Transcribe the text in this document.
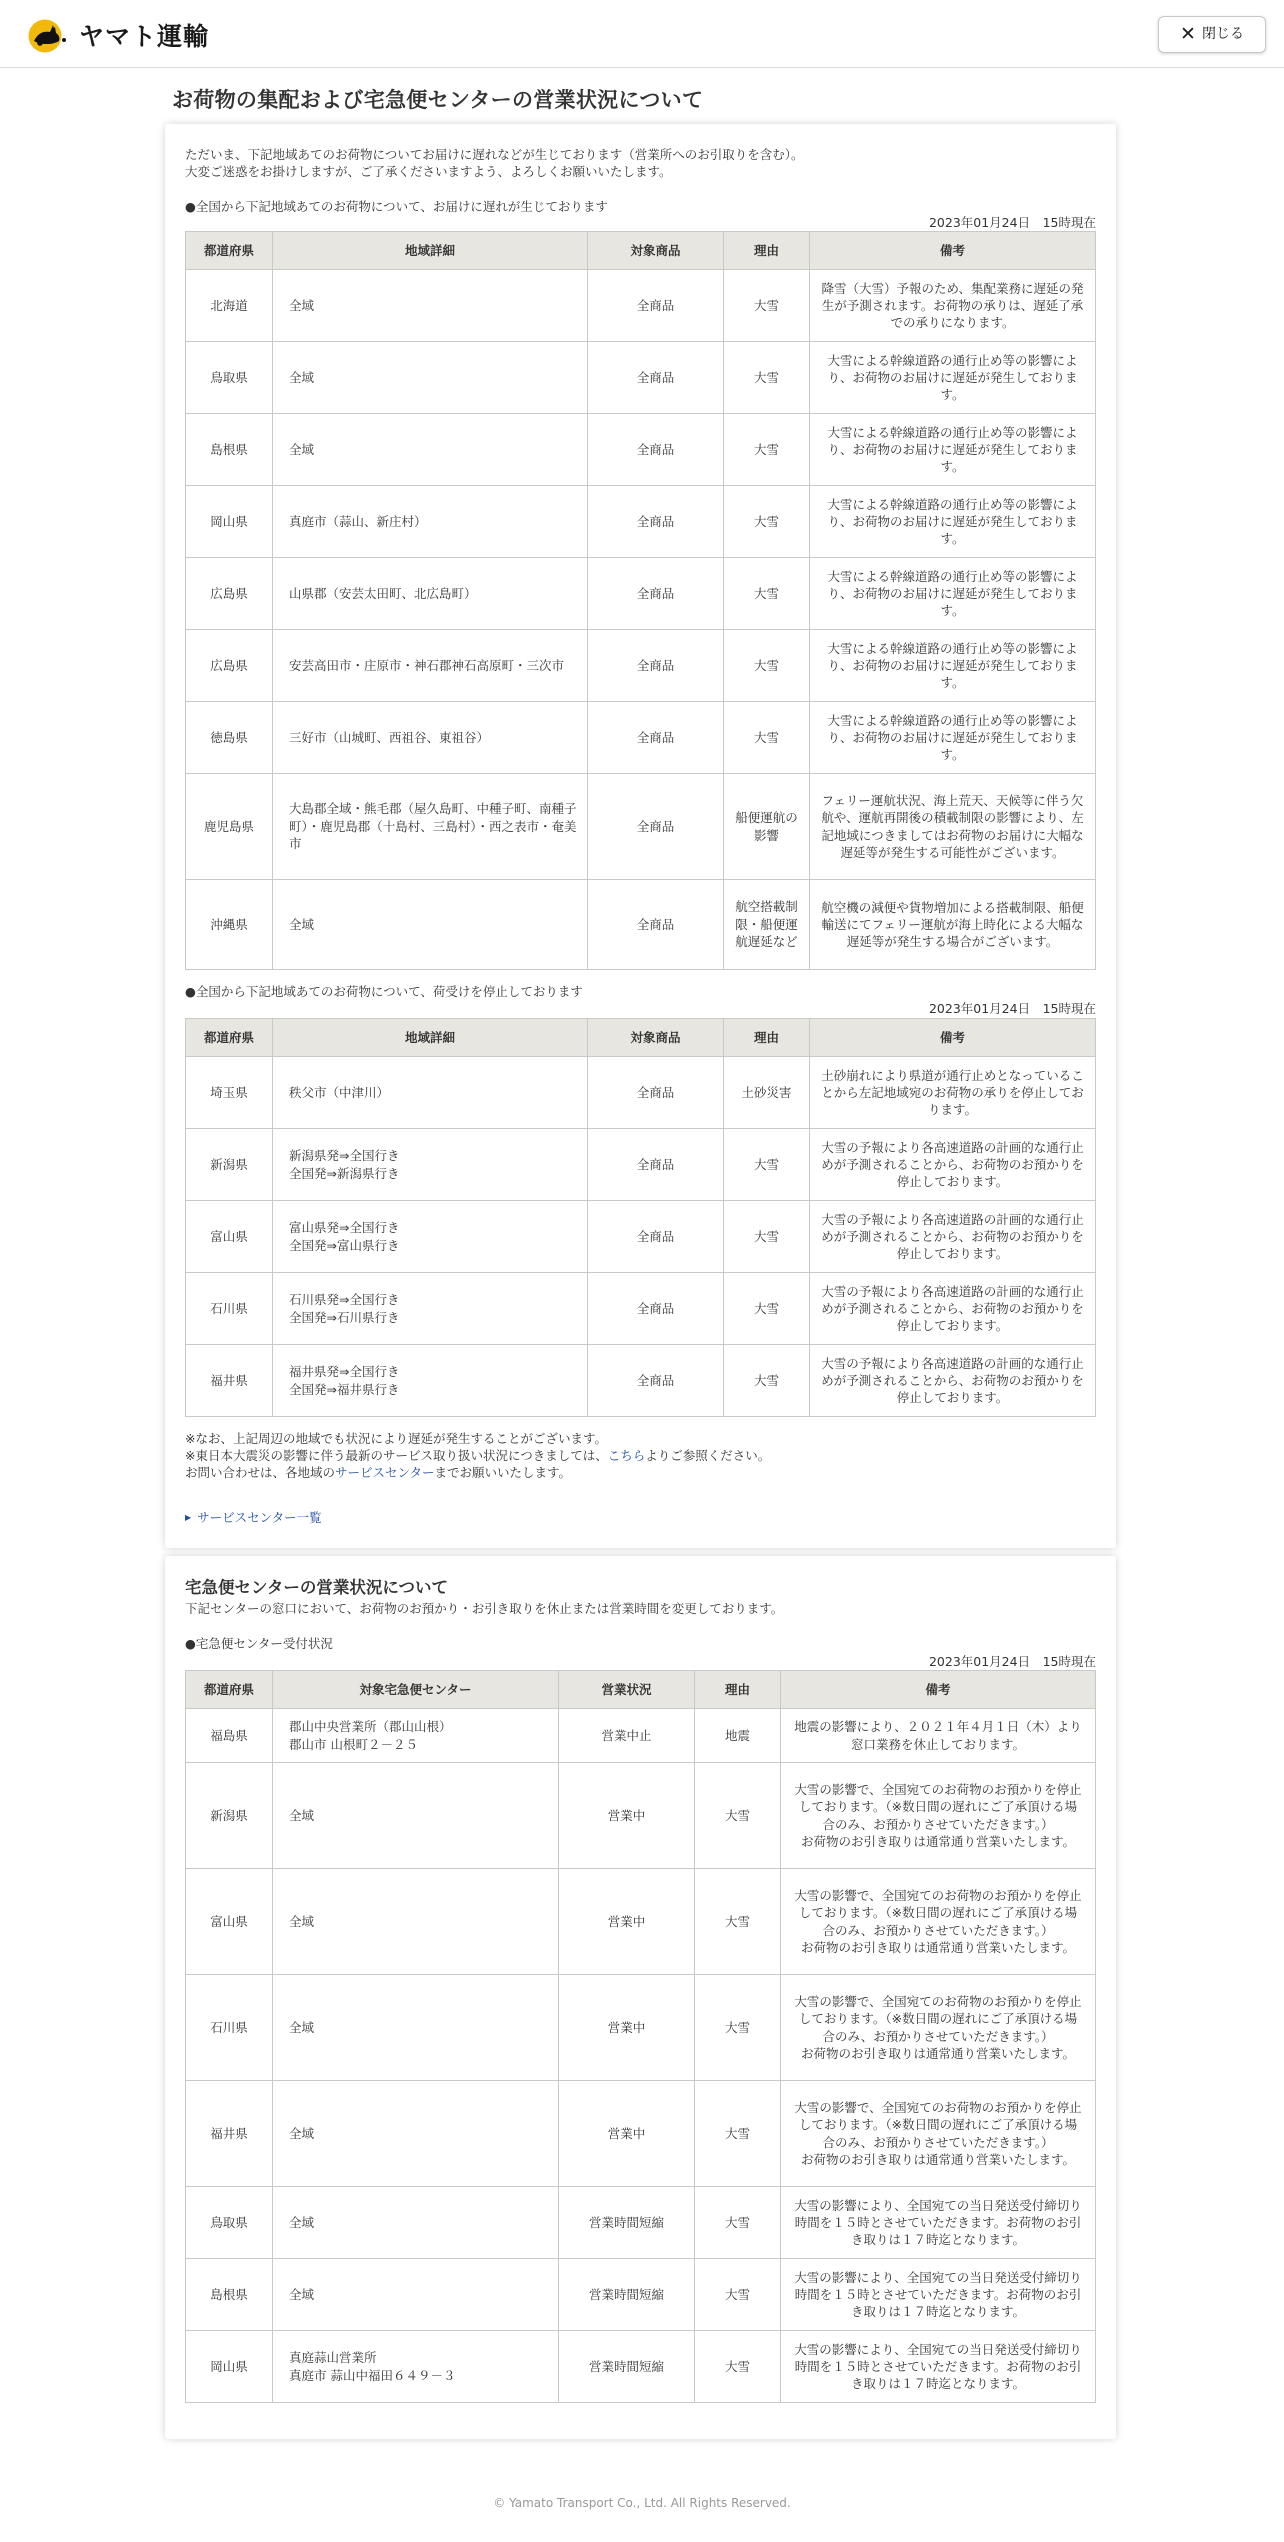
ヤマト運輸	✕ 閉じる
お荷物の集配および宅急便センターの営業状況について
ただいま、下記地域あてのお荷物についてお届けに遅れなどが生じております（営業所へのお引取りを含む）。
大変ご迷惑をお掛けしますが、ご了承くださいますよう、よろしくお願いいたします。
●全国から下記地域あてのお荷物について、お届けに遅れが生じております
2023年01月24日　15時現在
都道府県	地域詳細	対象商品	理由	備考
北海道	全域	全商品	大雪	降雪（大雪）予報のため、集配業務に遅延の発生が予測されます。お荷物の承りは、遅延了承での承りになります。
鳥取県	全域	全商品	大雪	大雪による幹線道路の通行止め等の影響により、お荷物のお届けに遅延が発生しております。
島根県	全域	全商品	大雪	大雪による幹線道路の通行止め等の影響により、お荷物のお届けに遅延が発生しております。
岡山県	真庭市（蒜山、新庄村）	全商品	大雪	大雪による幹線道路の通行止め等の影響により、お荷物のお届けに遅延が発生しております。
広島県	山県郡（安芸太田町、北広島町）	全商品	大雪	大雪による幹線道路の通行止め等の影響により、お荷物のお届けに遅延が発生しております。
広島県	安芸高田市・庄原市・神石郡神石高原町・三次市	全商品	大雪	大雪による幹線道路の通行止め等の影響により、お荷物のお届けに遅延が発生しております。
徳島県	三好市（山城町、西祖谷、東祖谷）	全商品	大雪	大雪による幹線道路の通行止め等の影響により、お荷物のお届けに遅延が発生しております。
鹿児島県	大島郡全域・熊毛郡（屋久島町、中種子町、南種子町）・鹿児島郡（十島村、三島村）・西之表市・奄美市	全商品	船便運航の影響	フェリー運航状況、海上荒天、天候等に伴う欠航や、運航再開後の積載制限の影響により、左記地域につきましてはお荷物のお届けに大幅な遅延等が発生する可能性がございます。
沖縄県	全域	全商品	航空搭載制限・船便運航遅延など	航空機の減便や貨物増加による搭載制限、船便輸送にてフェリー運航が海上時化による大幅な遅延等が発生する場合がございます。
●全国から下記地域あてのお荷物について、荷受けを停止しております
2023年01月24日　15時現在
都道府県	地域詳細	対象商品	理由	備考
埼玉県	秩父市（中津川）	全商品	土砂災害	土砂崩れにより県道が通行止めとなっていることから左記地域宛のお荷物の承りを停止しております。
新潟県	新潟県発⇒全国行き
全国発⇒新潟県行き	全商品	大雪	大雪の予報により各高速道路の計画的な通行止めが予測されることから、お荷物のお預かりを停止しております。
富山県	富山県発⇒全国行き
全国発⇒富山県行き	全商品	大雪	大雪の予報により各高速道路の計画的な通行止めが予測されることから、お荷物のお預かりを停止しております。
石川県	石川県発⇒全国行き
全国発⇒石川県行き	全商品	大雪	大雪の予報により各高速道路の計画的な通行止めが予測されることから、お荷物のお預かりを停止しております。
福井県	福井県発⇒全国行き
全国発⇒福井県行き	全商品	大雪	大雪の予報により各高速道路の計画的な通行止めが予測されることから、お荷物のお預かりを停止しております。
※なお、上記周辺の地域でも状況により遅延が発生することがございます。
※東日本大震災の影響に伴う最新のサービス取り扱い状況につきましては、こちらよりご参照ください。
お問い合わせは、各地域のサービスセンターまでお願いいたします。
▶ サービスセンター一覧
宅急便センターの営業状況について
下記センターの窓口において、お荷物のお預かり・お引き取りを休止または営業時間を変更しております。
●宅急便センター受付状況
2023年01月24日　15時現在
都道府県	対象宅急便センター	営業状況	理由	備考
福島県	郡山中央営業所（郡山山根）
郡山市 山根町２－２５	営業中止	地震	地震の影響により、２０２１年４月１日（木）より窓口業務を休止しております。

新潟県	全域	営業中	大雪	大雪の影響で、全国宛てのお荷物のお預かりを停止しております。（※数日間の遅れにご了承頂ける場合のみ、お預かりさせていただきます。）
お荷物のお引き取りは通常通り営業いたします。

富山県	全域	営業中	大雪	大雪の影響で、全国宛てのお荷物のお預かりを停止しております。（※数日間の遅れにご了承頂ける場合のみ、お預かりさせていただきます。）
お荷物のお引き取りは通常通り営業いたします。

石川県	全域	営業中	大雪	大雪の影響で、全国宛てのお荷物のお預かりを停止しております。（※数日間の遅れにご了承頂ける場合のみ、お預かりさせていただきます。）
お荷物のお引き取りは通常通り営業いたします。

福井県	全域	営業中	大雪	大雪の影響で、全国宛てのお荷物のお預かりを停止しております。（※数日間の遅れにご了承頂ける場合のみ、お預かりさせていただきます。）
お荷物のお引き取りは通常通り営業いたします。

鳥取県	全域	営業時間短縮	大雪	大雪の影響により、全国宛ての当日発送受付締切り時間を１５時とさせていただきます。お荷物のお引き取りは１７時迄となります。

島根県	全域	営業時間短縮	大雪	大雪の影響により、全国宛ての当日発送受付締切り時間を１５時とさせていただきます。お荷物のお引き取りは１７時迄となります。

岡山県	真庭蒜山営業所
真庭市 蒜山中福田６４９－３	営業時間短縮	大雪	大雪の影響により、全国宛ての当日発送受付締切り時間を１５時とさせていただきます。お荷物のお引き取りは１７時迄となります。
© Yamato Transport Co., Ltd. All Rights Reserved.
